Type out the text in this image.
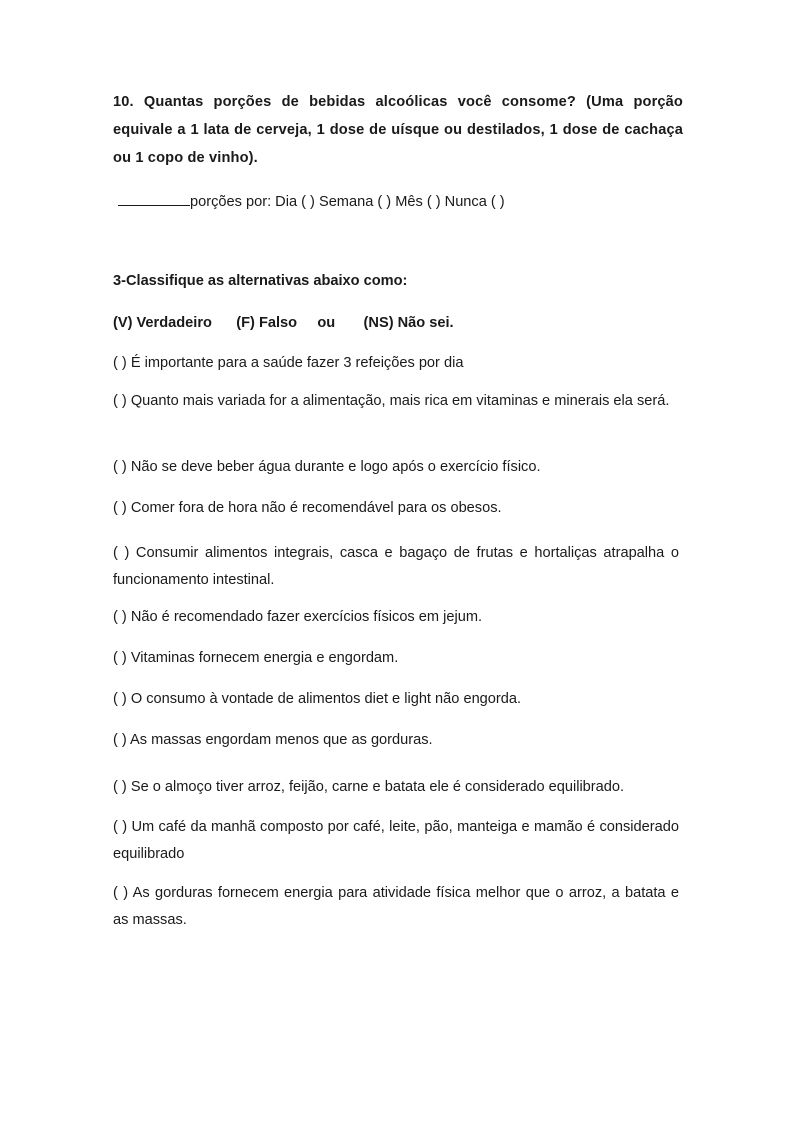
10. Quantas porções de bebidas alcoólicas você consome? (Uma porção equivale a 1 lata de cerveja, 1 dose de uísque ou destilados, 1 dose de cachaça ou 1 copo de vinho).
porções por: Dia ( ) Semana ( ) Mês ( ) Nunca ( )
3-Classifique as alternativas abaixo como:
(V) Verdadeiro      (F) Falso     ou       (NS) Não sei.
( ) É importante para a saúde fazer 3 refeições por dia
( ) Quanto mais variada for a alimentação, mais rica em vitaminas e minerais ela será.
( ) Não se deve beber água durante e logo após o exercício físico.
( ) Comer fora de hora não é recomendável para os obesos.
( ) Consumir alimentos integrais, casca e bagaço de frutas e hortaliças atrapalha o funcionamento intestinal.
( ) Não é recomendado fazer exercícios físicos em jejum.
( ) Vitaminas fornecem energia e engordam.
( ) O consumo à vontade de alimentos diet e light não engorda.
( ) As massas engordam menos que as gorduras.
( ) Se o almoço tiver arroz, feijão, carne e batata ele é considerado equilibrado.
( ) Um café da manhã composto por café, leite, pão, manteiga e mamão é considerado equilibrado
( ) As gorduras fornecem energia para atividade física melhor que o arroz, a batata e as massas.
